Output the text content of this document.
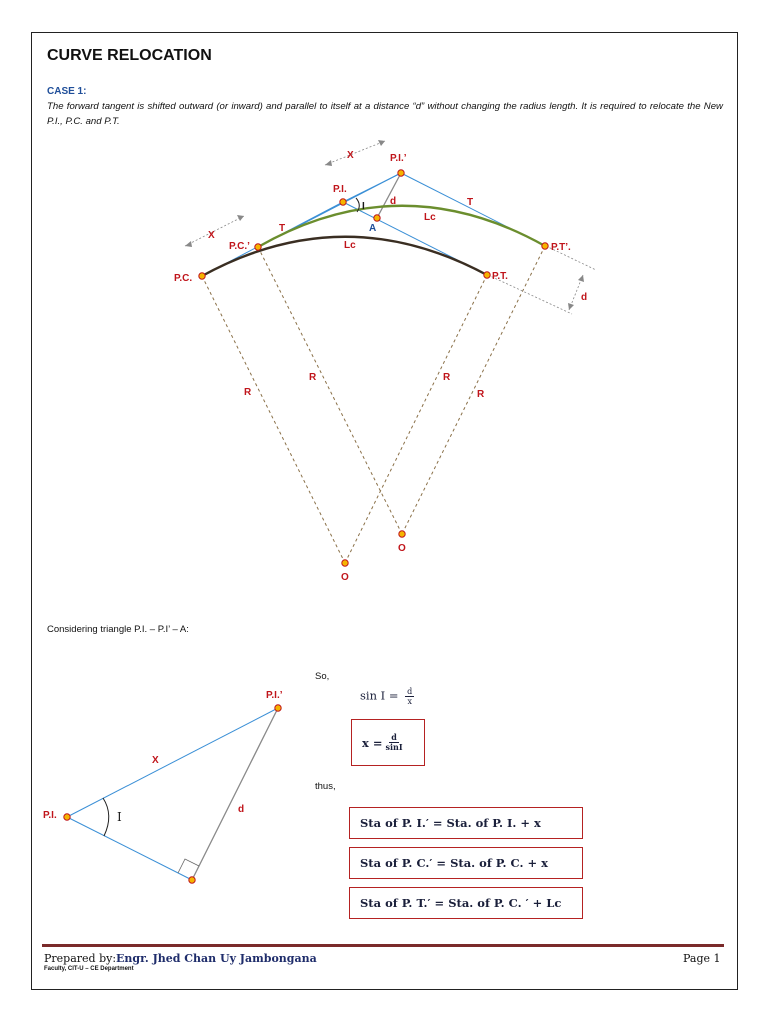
CURVE RELOCATION
CASE 1:
The forward tangent is shifted outward (or inward) and parallel to itself at a distance “d” without changing the radius length. It is required to relocate the New P.I., P.C. and P.T.
P.C.
P.C.’
P.I.
P.I.’
P.T.
P.T’.
A
I	d
d
X
X
T
T
Lc
Lc
R
R	R
R
O
O
P.I.
P.I.’
X
d
I
Considering triangle P.I. – P.I’ – A:
So,
thus,
$\sin I = \frac{d}{x}$
$x = \frac{d}{\sin I}$
Sta of P. I.′ = Sta. of P. I. + x
Sta of P. C.′ = Sta. of P. C. + x
Sta of P. T.′ = Sta. of P. C. ′ + Lc
Prepared by:Engr. Jhed Chan Uy Jambongana
Faculty, CIT-U – CE Department
Page 1
